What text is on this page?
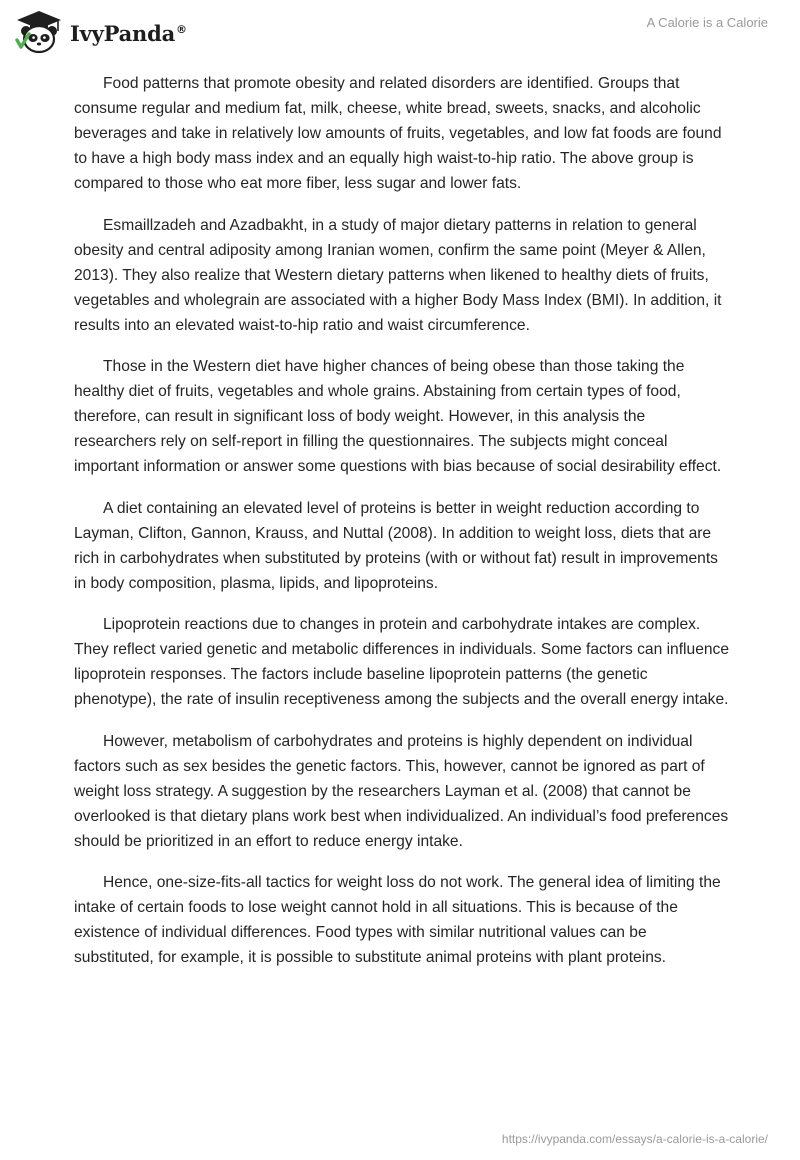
IvyPanda®	A Calorie is a Calorie

Food patterns that promote obesity and related disorders are identified. Groups that consume regular and medium fat, milk, cheese, white bread, sweets, snacks, and alcoholic beverages and take in relatively low amounts of fruits, vegetables, and low fat foods are found to have a high body mass index and an equally high waist-to-hip ratio. The above group is compared to those who eat more fiber, less sugar and lower fats.

Esmaillzadeh and Azadbakht, in a study of major dietary patterns in relation to general obesity and central adiposity among Iranian women, confirm the same point (Meyer & Allen, 2013). They also realize that Western dietary patterns when likened to healthy diets of fruits, vegetables and wholegrain are associated with a higher Body Mass Index (BMI). In addition, it results into an elevated waist-to-hip ratio and waist circumference.

Those in the Western diet have higher chances of being obese than those taking the healthy diet of fruits, vegetables and whole grains. Abstaining from certain types of food, therefore, can result in significant loss of body weight. However, in this analysis the researchers rely on self-report in filling the questionnaires. The subjects might conceal important information or answer some questions with bias because of social desirability effect.

A diet containing an elevated level of proteins is better in weight reduction according to Layman, Clifton, Gannon, Krauss, and Nuttal (2008). In addition to weight loss, diets that are rich in carbohydrates when substituted by proteins (with or without fat) result in improvements in body composition, plasma, lipids, and lipoproteins.

Lipoprotein reactions due to changes in protein and carbohydrate intakes are complex. They reflect varied genetic and metabolic differences in individuals. Some factors can influence lipoprotein responses. The factors include baseline lipoprotein patterns (the genetic phenotype), the rate of insulin receptiveness among the subjects and the overall energy intake.

However, metabolism of carbohydrates and proteins is highly dependent on individual factors such as sex besides the genetic factors. This, however, cannot be ignored as part of weight loss strategy. A suggestion by the researchers Layman et al. (2008) that cannot be overlooked is that dietary plans work best when individualized. An individual’s food preferences should be prioritized in an effort to reduce energy intake.

Hence, one-size-fits-all tactics for weight loss do not work. The general idea of limiting the intake of certain foods to lose weight cannot hold in all situations. This is because of the existence of individual differences. Food types with similar nutritional values can be substituted, for example, it is possible to substitute animal proteins with plant proteins.

https://ivypanda.com/essays/a-calorie-is-a-calorie/
